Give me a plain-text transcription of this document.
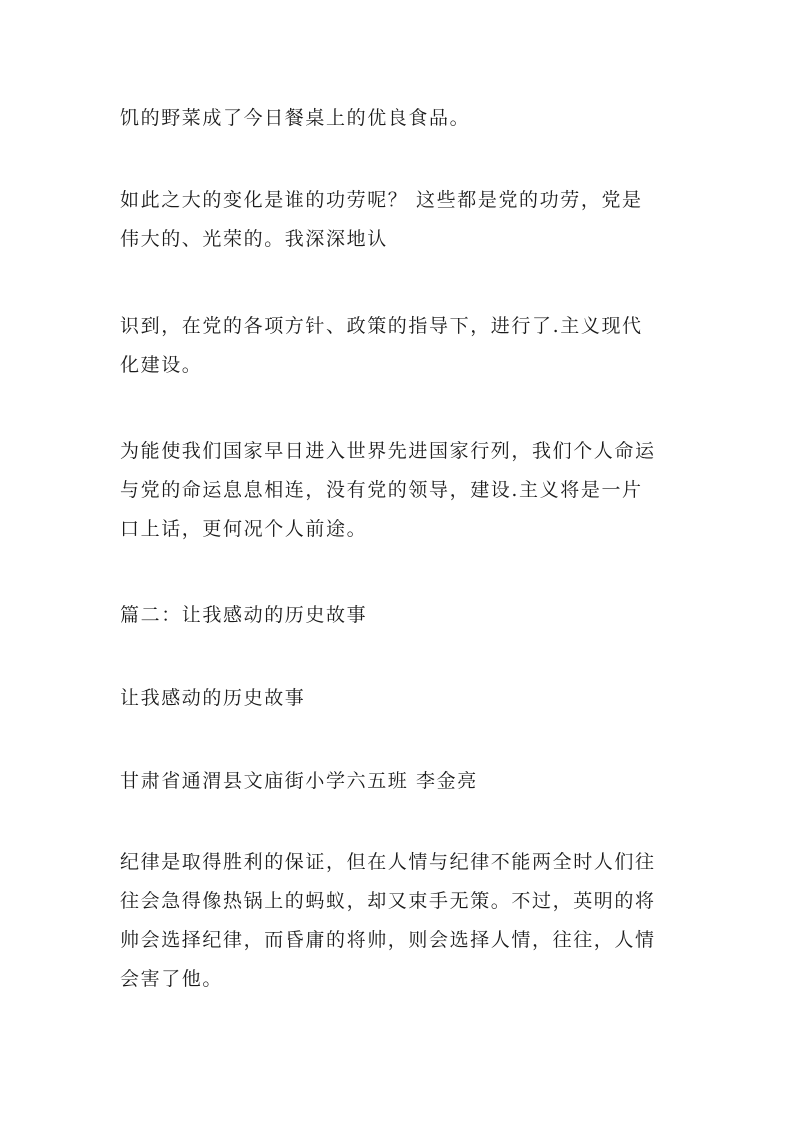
饥的野菜成了今日餐桌上的优良食品。

如此之大的变化是谁的功劳呢？ 这些都是党的功劳，党是
伟大的、光荣的。我深深地认

识到，在党的各项方针、政策的指导下，进行了.主义现代
化建设。

为能使我们国家早日进入世界先进国家行列，我们个人命运
与党的命运息息相连，没有党的领导，建设.主义将是一片
口上话，更何况个人前途。

篇二：让我感动的历史故事

让我感动的历史故事

甘肃省通渭县文庙街小学六五班 李金亮

纪律是取得胜利的保证，但在人情与纪律不能两全时人们往
往会急得像热锅上的蚂蚁，却又束手无策。不过，英明的将
帅会选择纪律，而昏庸的将帅，则会选择人情，往往，人情
会害了他。
